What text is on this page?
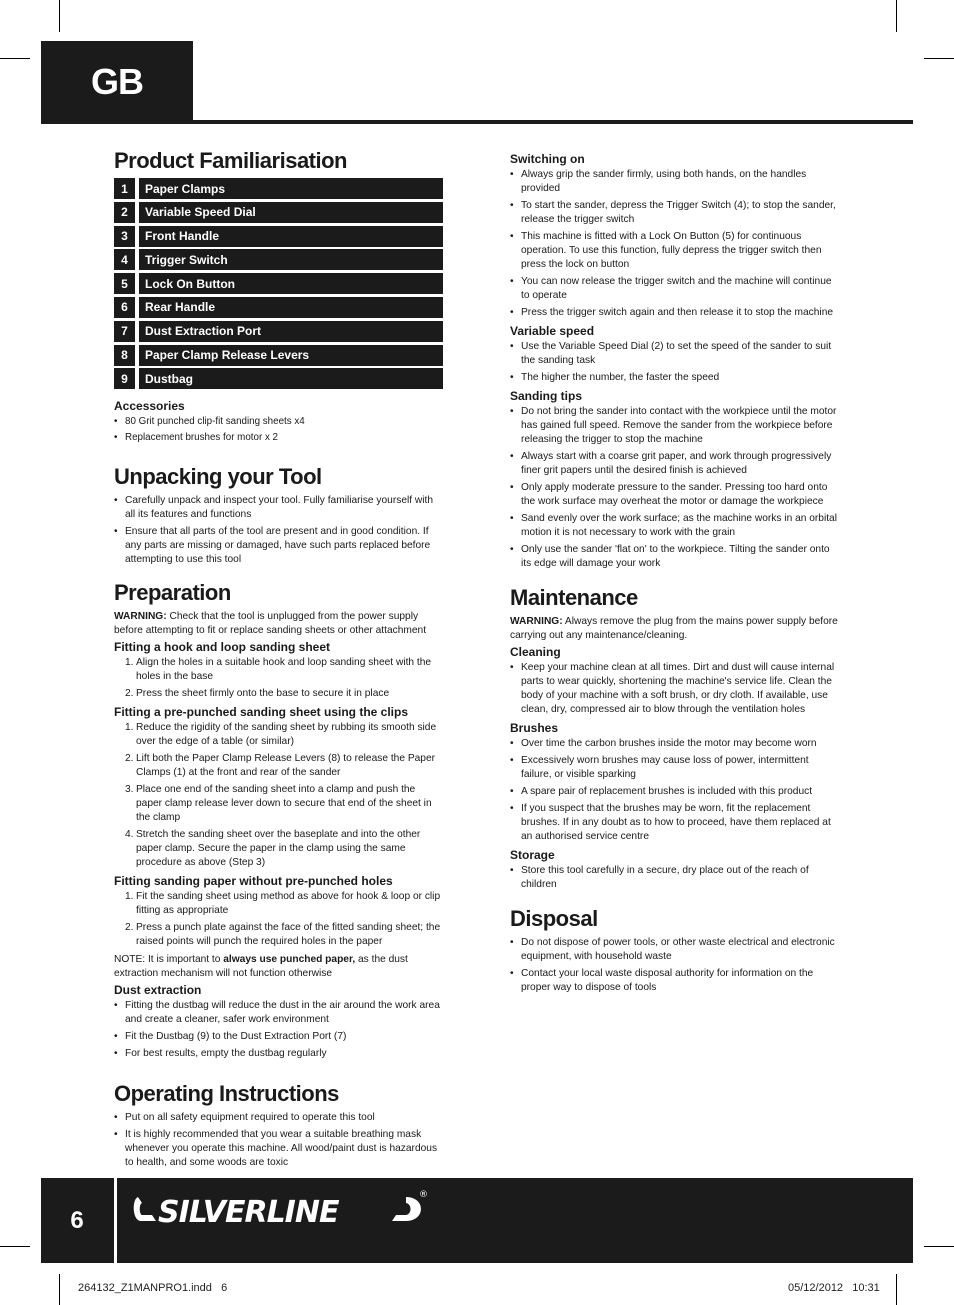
GB
Product Familiarisation
1	Paper Clamps
2	Variable Speed Dial
3	Front Handle
4	Trigger Switch
5	Lock On Button
6	Rear Handle
7	Dust Extraction Port
8	Paper Clamp Release Levers
9	Dustbag
Accessories
• 80 Grit punched clip-fit sanding sheets x4
• Replacement brushes for motor x 2
Unpacking your Tool
• Carefully unpack and inspect your tool. Fully familiarise yourself with all its features and functions
• Ensure that all parts of the tool are present and in good condition. If any parts are missing or damaged, have such parts replaced before attempting to use this tool
Preparation
WARNING: Check that the tool is unplugged from the power supply before attempting to fit or replace sanding sheets or other attachment
Fitting a hook and loop sanding sheet
1. Align the holes in a suitable hook and loop sanding sheet with the holes in the base
2. Press the sheet firmly onto the base to secure it in place
Fitting a pre-punched sanding sheet using the clips
1. Reduce the rigidity of the sanding sheet by rubbing its smooth side over the edge of a table (or similar)
2. Lift both the Paper Clamp Release Levers (8) to release the Paper Clamps (1) at the front and rear of the sander
3. Place one end of the sanding sheet into a clamp and push the paper clamp release lever down to secure that end of the sheet in the clamp
4. Stretch the sanding sheet over the baseplate and into the other paper clamp. Secure the paper in the clamp using the same procedure as above (Step 3)
Fitting sanding paper without pre-punched holes
1. Fit the sanding sheet using method as above for hook & loop or clip fitting as appropriate
2. Press a punch plate against the face of the fitted sanding sheet; the raised points will punch the required holes in the paper
NOTE: It is important to always use punched paper, as the dust extraction mechanism will not function otherwise
Dust extraction
• Fitting the dustbag will reduce the dust in the air around the work area and create a cleaner, safer work environment
• Fit the Dustbag (9) to the Dust Extraction Port (7)
• For best results, empty the dustbag regularly
Operating Instructions
• Put on all safety equipment required to operate this tool
• It is highly recommended that you wear a suitable breathing mask whenever you operate this machine. All wood/paint dust is hazardous to health, and some woods are toxic
Switching on
• Always grip the sander firmly, using both hands, on the handles provided
• To start the sander, depress the Trigger Switch (4); to stop the sander, release the trigger switch
• This machine is fitted with a Lock On Button (5) for continuous operation. To use this function, fully depress the trigger switch then press the lock on button
• You can now release the trigger switch and the machine will continue to operate
• Press the trigger switch again and then release it to stop the machine
Variable speed
• Use the Variable Speed Dial (2) to set the speed of the sander to suit the sanding task
• The higher the number, the faster the speed
Sanding tips
• Do not bring the sander into contact with the workpiece until the motor has gained full speed. Remove the sander from the workpiece before releasing the trigger to stop the machine
• Always start with a coarse grit paper, and work through progressively finer grit papers until the desired finish is achieved
• Only apply moderate pressure to the sander. Pressing too hard onto the work surface may overheat the motor or damage the workpiece
• Sand evenly over the work surface; as the machine works in an orbital motion it is not necessary to work with the grain
• Only use the sander 'flat on' to the workpiece. Tilting the sander onto its edge will damage your work
Maintenance
WARNING: Always remove the plug from the mains power supply before carrying out any maintenance/cleaning.
Cleaning
• Keep your machine clean at all times. Dirt and dust will cause internal parts to wear quickly, shortening the machine's service life. Clean the body of your machine with a soft brush, or dry cloth. If available, use clean, dry, compressed air to blow through the ventilation holes
Brushes
• Over time the carbon brushes inside the motor may become worn
• Excessively worn brushes may cause loss of power, intermittent failure, or visible sparking
• A spare pair of replacement brushes is included with this product
• If you suspect that the brushes may be worn, fit the replacement brushes. If in any doubt as to how to proceed, have them replaced at an authorised service centre
Storage
• Store this tool carefully in a secure, dry place out of the reach of children
Disposal
• Do not dispose of power tools, or other waste electrical and electronic equipment, with household waste
• Contact your local waste disposal authority for information on the proper way to dispose of tools
6	SILVERLINE	®
264132_Z1MANPRO1.indd   6	05/12/2012   10:31
